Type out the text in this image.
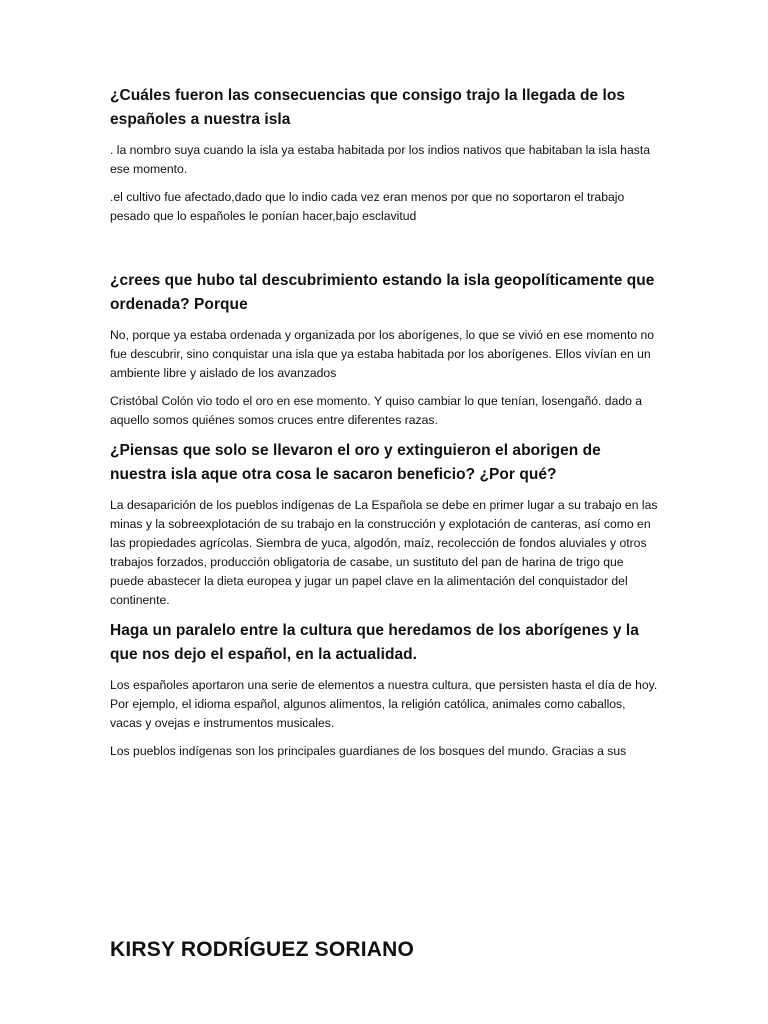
¿Cuáles fueron las consecuencias que consigo trajo la llegada de los españoles a nuestra isla

. la nombro suya cuando la isla ya estaba habitada por los indios nativos que habitaban la isla hasta ese momento.

.el cultivo fue afectado,dado que lo indio cada vez eran menos por que no soportaron el trabajo pesado que lo españoles le ponían hacer,bajo esclavitud

¿crees que hubo tal descubrimiento estando la isla geopolíticamente que ordenada? Porque

No, porque ya estaba ordenada y organizada por los aborígenes, lo que se vivió en ese momento no fue descubrir, sino conquistar una isla que ya estaba habitada por los aborígenes. Ellos vivían en un ambiente libre y aislado de los avanzados

Cristóbal Colón vio todo el oro en ese momento. Y quiso cambiar lo que tenían, losengañó. dado a aquello somos quiénes somos cruces entre diferentes razas.

¿Piensas que solo se llevaron el oro y extinguieron el aborigen de nuestra isla aque otra cosa le sacaron beneficio? ¿Por qué?

La desaparición de los pueblos indígenas de La Española se debe en primer lugar a su trabajo en las minas y la sobreexplotación de su trabajo en la construcción y explotación de canteras, así como en las propiedades agrícolas. Siembra de yuca, algodón, maíz, recolección de fondos aluviales y otros trabajos forzados, producción obligatoria de casabe, un sustituto del pan de harina de trigo que puede abastecer la dieta europea y jugar un papel clave en la alimentación del conquistador del continente.

Haga un paralelo entre la cultura que heredamos de los aborígenes y la que nos dejo el español, en la actualidad.

Los españoles aportaron una serie de elementos a nuestra cultura, que persisten hasta el día de hoy. Por ejemplo, el idioma español, algunos alimentos, la religión católica, animales como caballos, vacas y ovejas e instrumentos musicales.

Los pueblos indígenas son los principales guardianes de los bosques del mundo. Gracias a sus

KIRSY RODRÍGUEZ SORIANO
